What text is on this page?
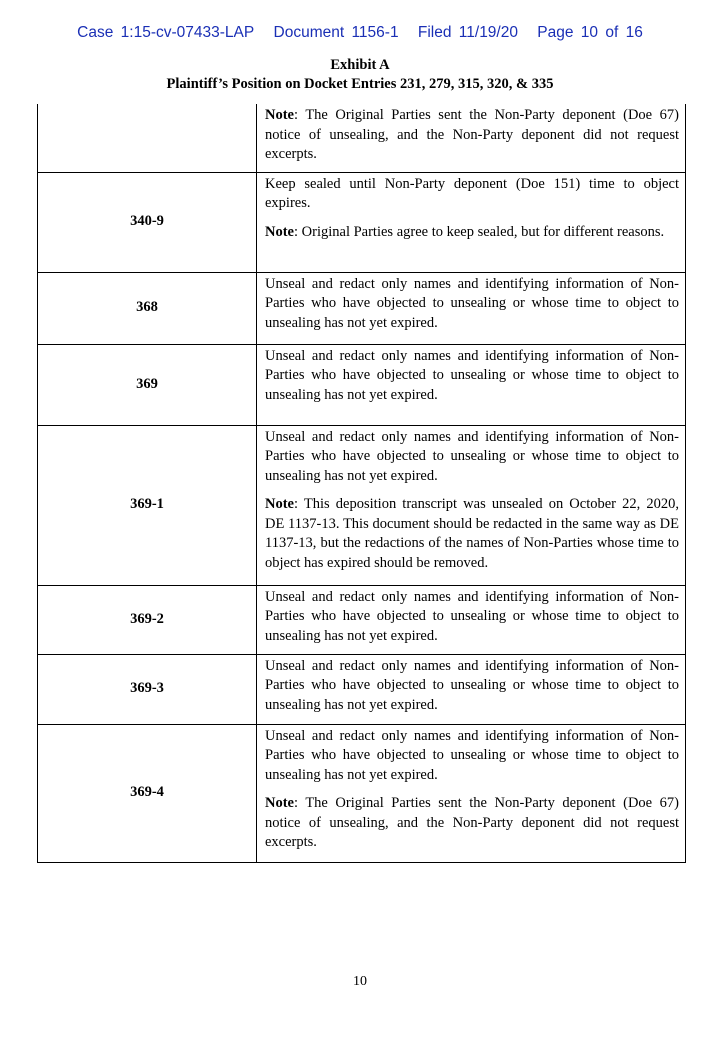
Case 1:15-cv-07433-LAP Document 1156-1 Filed 11/19/20 Page 10 of 16
Exhibit A
Plaintiff’s Position on Docket Entries 231, 279, 315, 320, & 335

	Note: The Original Parties sent the Non-Party deponent (Doe 67) notice of unsealing, and the Non-Party deponent did not request excerpts.

340-9	Keep sealed until Non-Party deponent (Doe 151) time to object expires.

Note: Original Parties agree to keep sealed, but for different reasons.

368	Unseal and redact only names and identifying information of Non-Parties who have objected to unsealing or whose time to object to unsealing has not yet expired.

369	Unseal and redact only names and identifying information of Non-Parties who have objected to unsealing or whose time to object to unsealing has not yet expired.

369-1	Unseal and redact only names and identifying information of Non-Parties who have objected to unsealing or whose time to object to unsealing has not yet expired.

Note: This deposition transcript was unsealed on October 22, 2020, DE 1137-13. This document should be redacted in the same way as DE 1137-13, but the redactions of the names of Non-Parties whose time to object has expired should be removed.

369-2	Unseal and redact only names and identifying information of Non-Parties who have objected to unsealing or whose time to object to unsealing has not yet expired.

369-3	Unseal and redact only names and identifying information of Non-Parties who have objected to unsealing or whose time to object to unsealing has not yet expired.

369-4	Unseal and redact only names and identifying information of Non-Parties who have objected to unsealing or whose time to object to unsealing has not yet expired.

Note: The Original Parties sent the Non-Party deponent (Doe 67) notice of unsealing, and the Non-Party deponent did not request excerpts.

10
